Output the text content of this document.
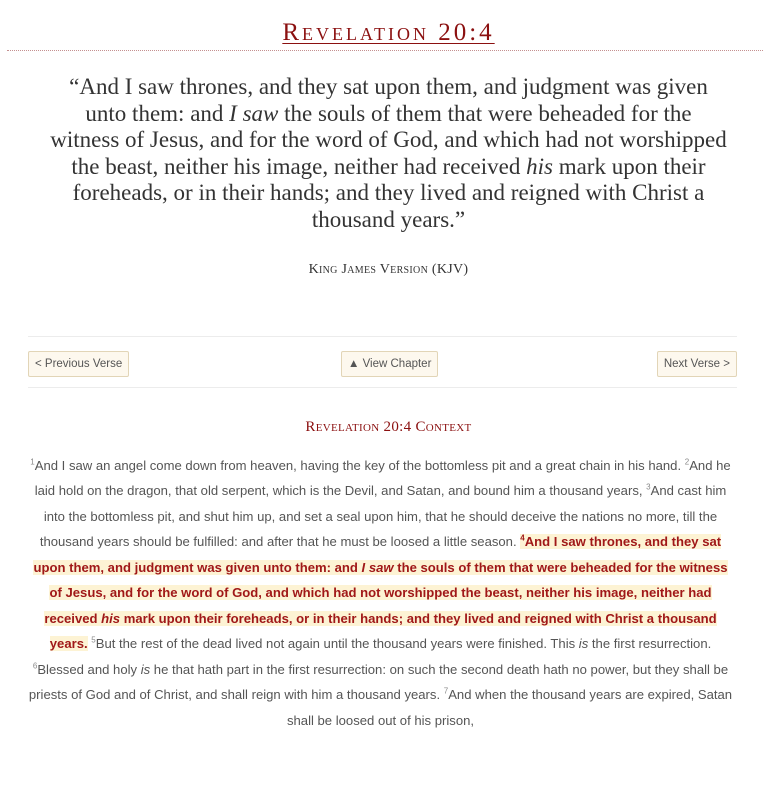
Revelation 20:4

“And I saw thrones, and they sat upon them, and judgment was given unto them: and I saw the souls of them that were beheaded for the witness of Jesus, and for the word of God, and which had not worshipped the beast, neither his image, neither had received his mark upon their foreheads, or in their hands; and they lived and reigned with Christ a thousand years.”

King James Version (KJV)
< Previous Verse	▲ View Chapter	Next Verse >
Revelation 20:4 Context
$^1$And I saw an angel come down from heaven, having the key of the bottomless pit and a great chain in his hand. $^2$And he laid hold on the dragon, that old serpent, which is the Devil, and Satan, and bound him a thousand years, $^3$And cast him into the bottomless pit, and shut him up, and set a seal upon him, that he should deceive the nations no more, till the thousand years should be fulfilled: and after that he must be loosed a little season. $^4$And I saw thrones, and they sat upon them, and judgment was given unto them: and I saw the souls of them that were beheaded for the witness of Jesus, and for the word of God, and which had not worshipped the beast, neither his image, neither had received his mark upon their foreheads, or in their hands; and they lived and reigned with Christ a thousand years. $^5$But the rest of the dead lived not again until the thousand years were finished. This is the first resurrection. $^6$Blessed and holy is he that hath part in the first resurrection: on such the second death hath no power, but they shall be priests of God and of Christ, and shall reign with him a thousand years. $^7$And when the thousand years are expired, Satan shall be loosed out of his prison,
